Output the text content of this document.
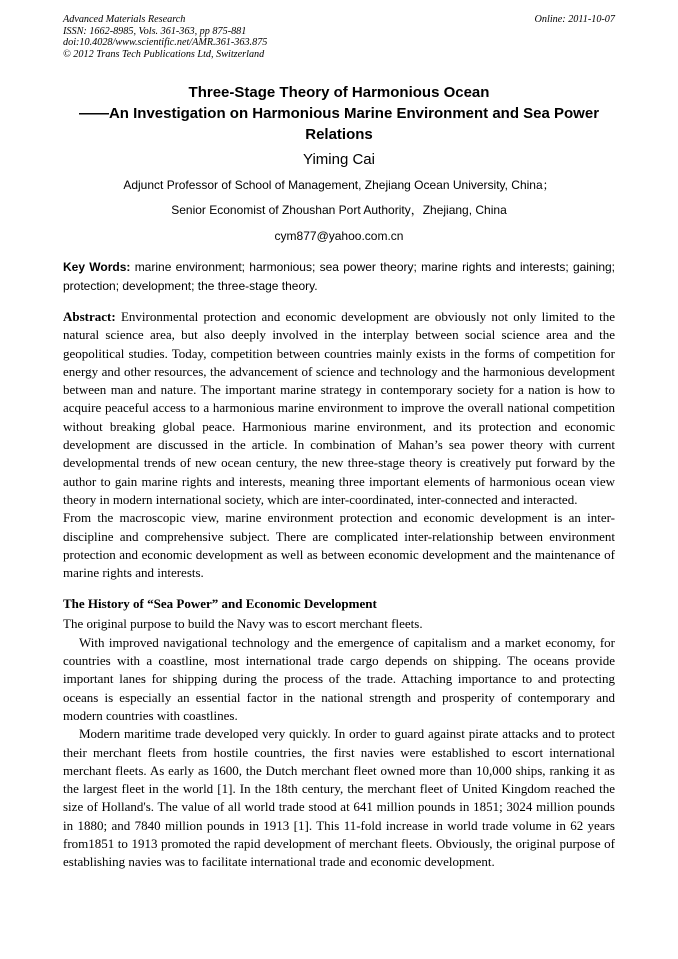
Advanced Materials Research
ISSN: 1662-8985, Vols. 361-363, pp 875-881
doi:10.4028/www.scientific.net/AMR.361-363.875
© 2012 Trans Tech Publications Ltd, Switzerland
Online: 2011-10-07
Three-Stage Theory of Harmonious Ocean
——An Investigation on Harmonious Marine Environment and Sea Power Relations
Yiming Cai
Adjunct Professor of School of Management, Zhejiang Ocean University, China；
Senior Economist of Zhoushan Port Authority，Zhejiang, China
cym877@yahoo.com.cn
Key Words: marine environment; harmonious; sea power theory; marine rights and interests; gaining; protection; development; the three-stage theory.

Abstract: Environmental protection and economic development are obviously not only limited to the natural science area, but also deeply involved in the interplay between social science area and the geopolitical studies. Today, competition between countries mainly exists in the forms of competition for energy and other resources, the advancement of science and technology and the harmonious development between man and nature. The important marine strategy in contemporary society for a nation is how to acquire peaceful access to a harmonious marine environment to improve the overall national competition without breaking global peace. Harmonious marine environment, and its protection and economic development are discussed in the article. In combination of Mahan’s sea power theory with current developmental trends of new ocean century, the new three-stage theory is creatively put forward by the author to gain marine rights and interests, meaning three important elements of harmonious ocean view theory in modern international society, which are inter-coordinated, inter-connected and interacted.

From the macroscopic view, marine environment protection and economic development is an inter-discipline and comprehensive subject. There are complicated inter-relationship between environment protection and economic development as well as between economic development and the maintenance of marine rights and interests.

The History of “Sea Power” and Economic Development

The original purpose to build the Navy was to escort merchant fleets.

With improved navigational technology and the emergence of capitalism and a market economy, for countries with a coastline, most international trade cargo depends on shipping. The oceans provide important lanes for shipping during the process of the trade. Attaching importance to and protecting oceans is especially an essential factor in the national strength and prosperity of contemporary and modern countries with coastlines.

Modern maritime trade developed very quickly. In order to guard against pirate attacks and to protect their merchant fleets from hostile countries, the first navies were established to escort international merchant fleets. As early as 1600, the Dutch merchant fleet owned more than 10,000 ships, ranking it as the largest fleet in the world [1]. In the 18th century, the merchant fleet of United Kingdom reached the size of Holland's. The value of all world trade stood at 641 million pounds in 1851; 3024 million pounds in 1880; and 7840 million pounds in 1913 [1]. This 11-fold increase in world trade volume in 62 years from1851 to 1913 promoted the rapid development of merchant fleets. Obviously, the original purpose of establishing navies was to facilitate international trade and economic development.
